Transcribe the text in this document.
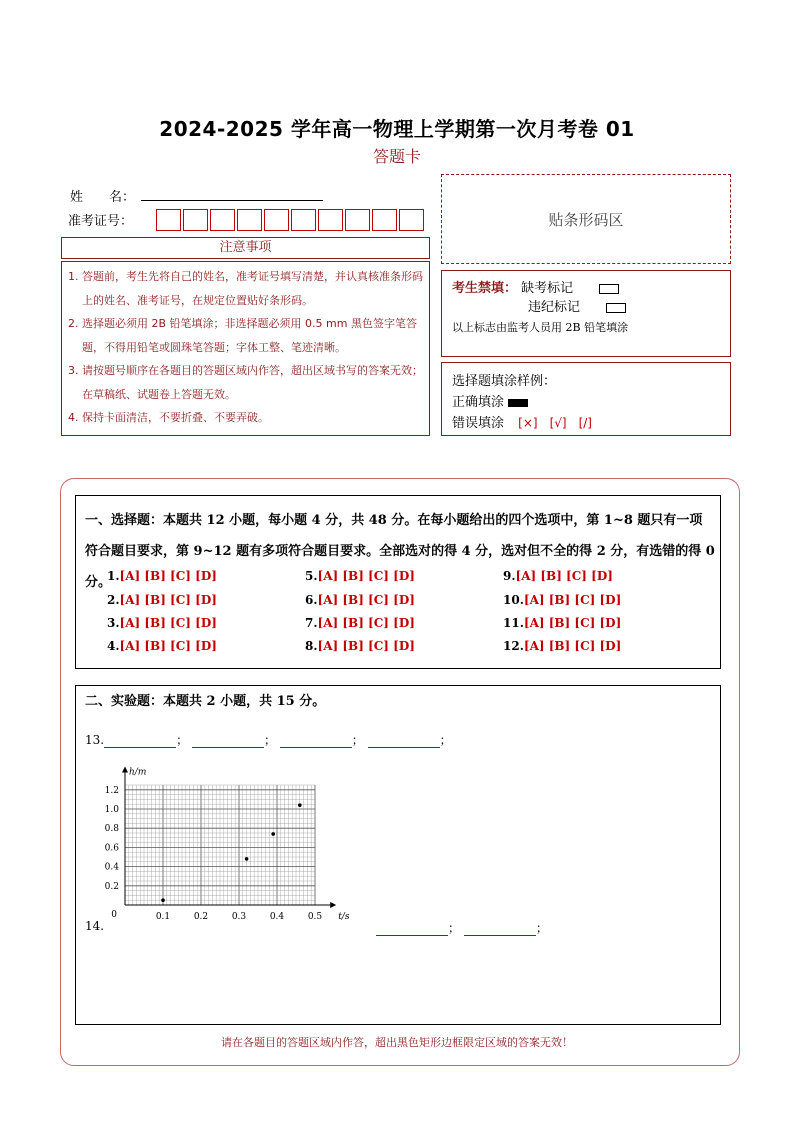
2024-2025 学年高一物理上学期第一次月考卷 01
答题卡
姓　　名：
准考证号：	贴条形码区
注意事项
1. 答题前，考生先将自己的姓名，准考证号填写清楚，并认真核准条形码上的姓名、准考证号，在规定位置贴好条形码。
2. 选择题必须用 2B 铅笔填涂；非选择题必须用 0.5 mm 黑色签字笔答题，不得用铅笔或圆珠笔答题；字体工整、笔迹清晰。
3. 请按题号顺序在各题目的答题区域内作答，超出区域书写的答案无效；在草稿纸、试题卷上答题无效。
4. 保持卡面清洁，不要折叠、不要弄破。
考生禁填： 缺考标记
违纪标记
以上标志由监考人员用 2B 铅笔填涂
选择题填涂样例：
正确填涂
错误填涂 [×]　[√]　[/]
一、选择题：本题共 12 小题，每小题 4 分，共 48 分。在每小题给出的四个选项中，第 1~8 题只有一项符合题目要求，第 9~12 题有多项符合题目要求。全部选对的得 4 分，选对但不全的得 2 分，有选错的得 0 分。
1.[A] [B] [C] [D]
2.[A] [B] [C] [D]
3.[A] [B] [C] [D]
4.[A] [B] [C] [D]
5.[A] [B] [C] [D]
6.[A] [B] [C] [D]
7.[A] [B] [C] [D]
8.[A] [B] [C] [D]
9.[A] [B] [C] [D]
10.[A] [B] [C] [D]
11.[A] [B] [C] [D]
12.[A] [B] [C] [D]
二、实验题：本题共 2 小题，共 15 分。
13.	；	；	；	；
0.1	0.2	0.3	0.4	0.5
0.2
0.4
0.6
0.8
1.0
1.2
0	t/s
h/m
14.	；	；
请在各题目的答题区域内作答，超出黑色矩形边框限定区域的答案无效！
